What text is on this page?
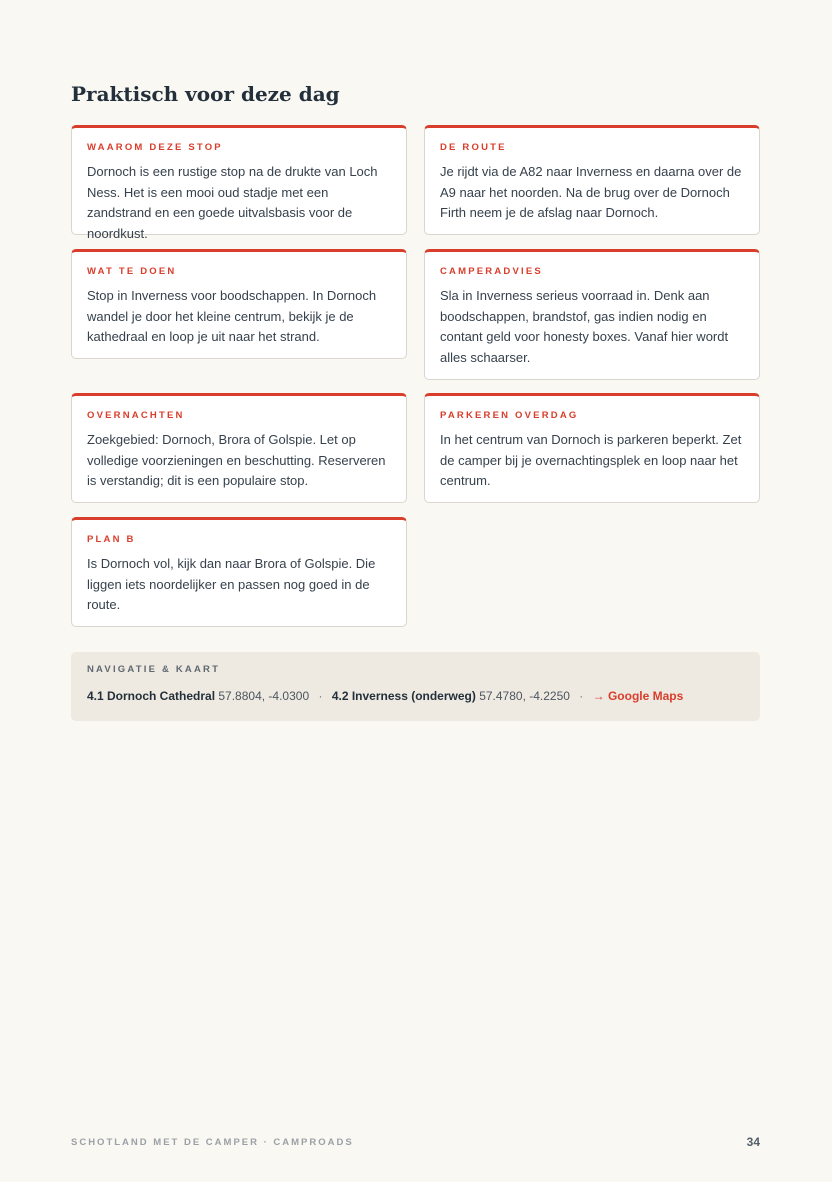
Praktisch voor deze dag
WAAROM DEZE STOP
Dornoch is een rustige stop na de drukte van Loch Ness. Het is een mooi oud stadje met een zandstrand en een goede uitvalsbasis voor de noordkust.
DE ROUTE
Je rijdt via de A82 naar Inverness en daarna over de A9 naar het noorden. Na de brug over de Dornoch Firth neem je de afslag naar Dornoch.
WAT TE DOEN
Stop in Inverness voor boodschappen. In Dornoch wandel je door het kleine centrum, bekijk je de kathedraal en loop je uit naar het strand.
CAMPERADVIES
Sla in Inverness serieus voorraad in. Denk aan boodschappen, brandstof, gas indien nodig en contant geld voor honesty boxes. Vanaf hier wordt alles schaarser.
OVERNACHTEN
Zoekgebied: Dornoch, Brora of Golspie. Let op volledige voorzieningen en beschutting. Reserveren is verstandig; dit is een populaire stop.
PARKEREN OVERDAG
In het centrum van Dornoch is parkeren beperkt. Zet de camper bij je overnachtingsplek en loop naar het centrum.
PLAN B
Is Dornoch vol, kijk dan naar Brora of Golspie. Die liggen iets noordelijker en passen nog goed in de route.
NAVIGATIE & KAART
4.1 Dornoch Cathedral 57.8804, -4.0300 · 4.2 Inverness (onderweg) 57.4780, -4.2250 · → Google Maps
SCHOTLAND MET DE CAMPER · CAMPROADS	34
